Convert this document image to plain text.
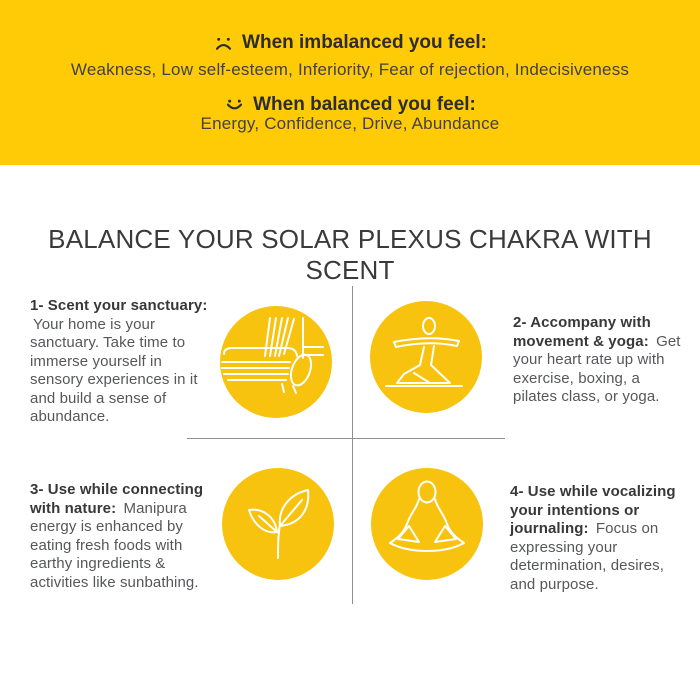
When imbalanced you feel:
Weakness, Low self-esteem, Inferiority, Fear of rejection, Indecisiveness
When balanced you feel:
Energy, Confidence, Drive, Abundance
BALANCE YOUR SOLAR PLEXUS CHAKRA WITH SCENT
1- Scent your sanctuary: Your home is your sanctuary. Take time to immerse yourself in sensory experiences in it and build a sense of abundance.
2- Accompany with movement & yoga: Get your heart rate up with exercise, boxing, a pilates class, or yoga.
3- Use while connecting with nature: Manipura energy is enhanced by eating fresh foods with earthy ingredients & activities like sunbathing.
4- Use while vocalizing your intentions or journaling: Focus on expressing your determination, desires, and purpose.
